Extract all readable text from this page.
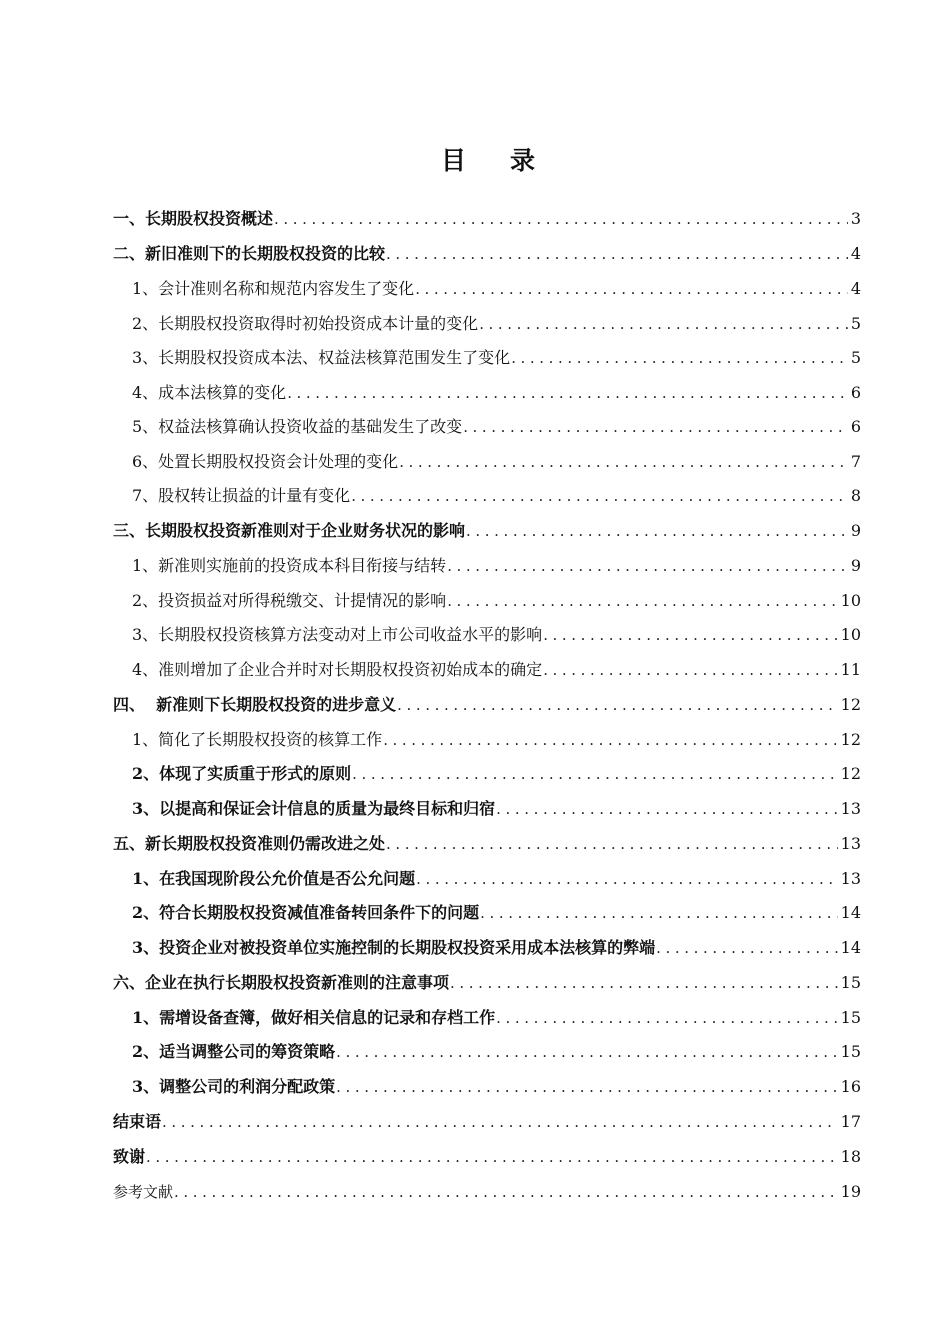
目 录
一、长期股权投资概述 .....	3
二、新旧准则下的长期股权投资的比较 .....	4
1、会计准则名称和规范内容发生了变化 .....	4
2、长期股权投资取得时初始投资成本计量的变化 .....	5
3、长期股权投资成本法、权益法核算范围发生了变化 .....	5
4、成本法核算的变化 .....	6
5、权益法核算确认投资收益的基础发生了改变 .....	6
6、处置长期股权投资会计处理的变化 .....	7
7、股权转让损益的计量有变化 .....	8
三、长期股权投资新准则对于企业财务状况的影响 .....	9
1、新准则实施前的投资成本科目衔接与结转 .....	9
2、投资损益对所得税缴交、计提情况的影响 .....	10
3、长期股权投资核算方法变动对上市公司收益水平的影响 .....	10
4、准则增加了企业合并时对长期股权投资初始成本的确定 .....	11
四、  新准则下长期股权投资的进步意义 .....	12
1、简化了长期股权投资的核算工作 .....	12
2、体现了实质重于形式的原则 .....	12
3、以提高和保证会计信息的质量为最终目标和归宿 .....	13
五、新长期股权投资准则仍需改进之处 .....	13
1、在我国现阶段公允价值是否公允问题 .....	13
2、符合长期股权投资减值准备转回条件下的问题 .....	14
3、投资企业对被投资单位实施控制的长期股权投资采用成本法核算的弊端 .....	14
六、企业在执行长期股权投资新准则的注意事项 .....	15
1、需增设备查簿，做好相关信息的记录和存档工作 .....	15
2、适当调整公司的筹资策略 .....	15
3、调整公司的利润分配政策 .....	16
结束语 .....	17
致谢 .....	18
参考文献 .....	19
